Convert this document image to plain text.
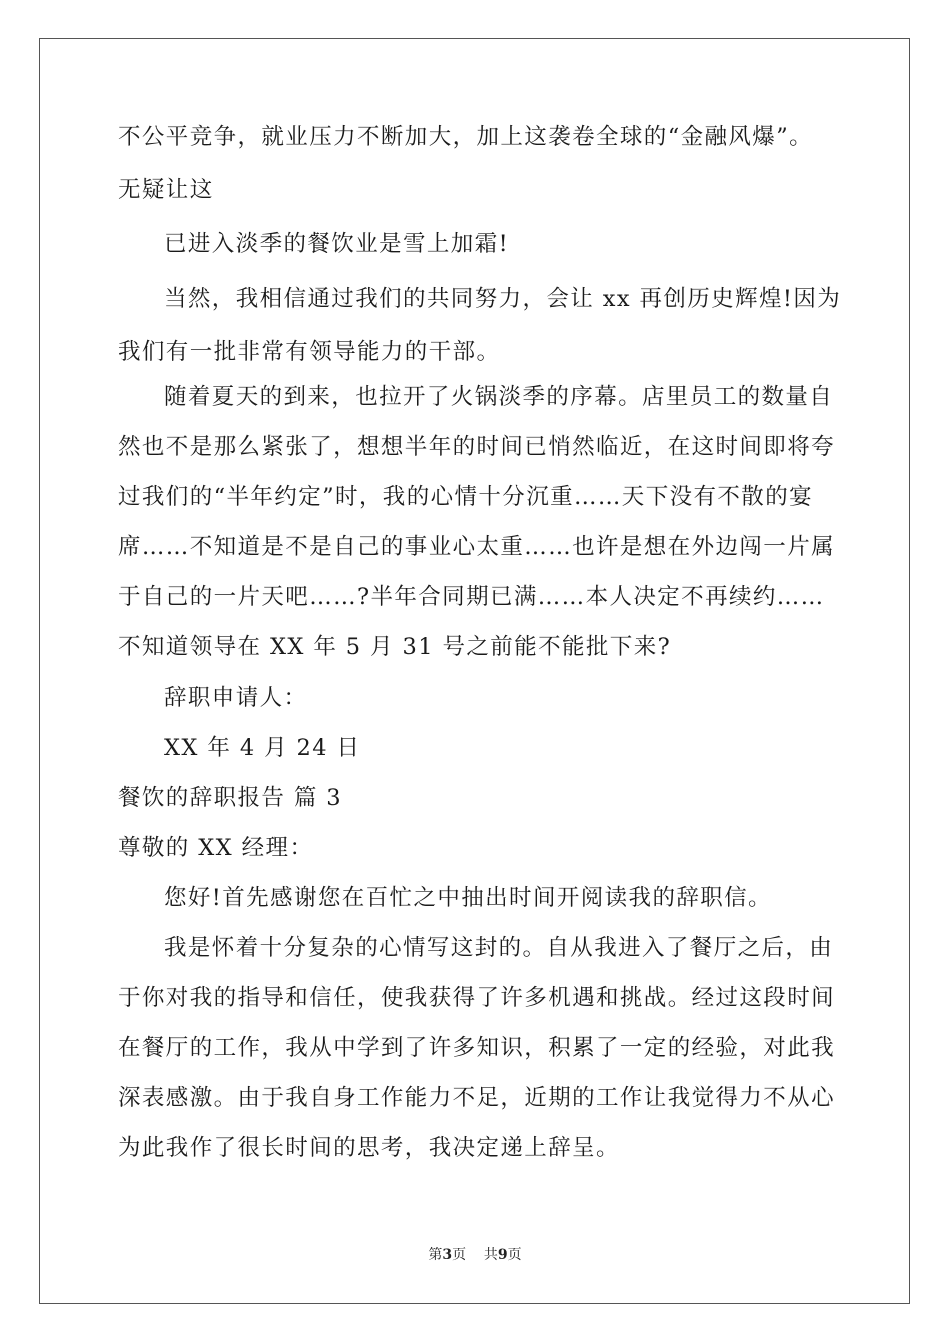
不公平竞争，就业压力不断加大，加上这袭卷全球的“金融风爆”。
无疑让这
已进入淡季的餐饮业是雪上加霜!
当然，我相信通过我们的共同努力，会让 xx 再创历史辉煌!因为
我们有一批非常有领导能力的干部。
随着夏天的到来，也拉开了火锅淡季的序幕。店里员工的数量自
然也不是那么紧张了，想想半年的时间已悄然临近，在这时间即将夸
过我们的“半年约定”时，我的心情十分沉重……天下没有不散的宴
席……不知道是不是自己的事业心太重……也许是想在外边闯一片属
于自己的一片天吧……?半年合同期已满……本人决定不再续约……
不知道领导在 XX 年 5 月 31 号之前能不能批下来?
辞职申请人：
XX 年 4 月 24 日
餐饮的辞职报告 篇 3
尊敬的 XX 经理：
您好!首先感谢您在百忙之中抽出时间开阅读我的辞职信。
我是怀着十分复杂的心情写这封的。自从我进入了餐厅之后，由
于你对我的指导和信任，使我获得了许多机遇和挑战。经过这段时间
在餐厅的工作，我从中学到了许多知识，积累了一定的经验，对此我
深表感激。由于我自身工作能力不足，近期的工作让我觉得力不从心
为此我作了很长时间的思考，我决定递上辞呈。
第3页 共9页
